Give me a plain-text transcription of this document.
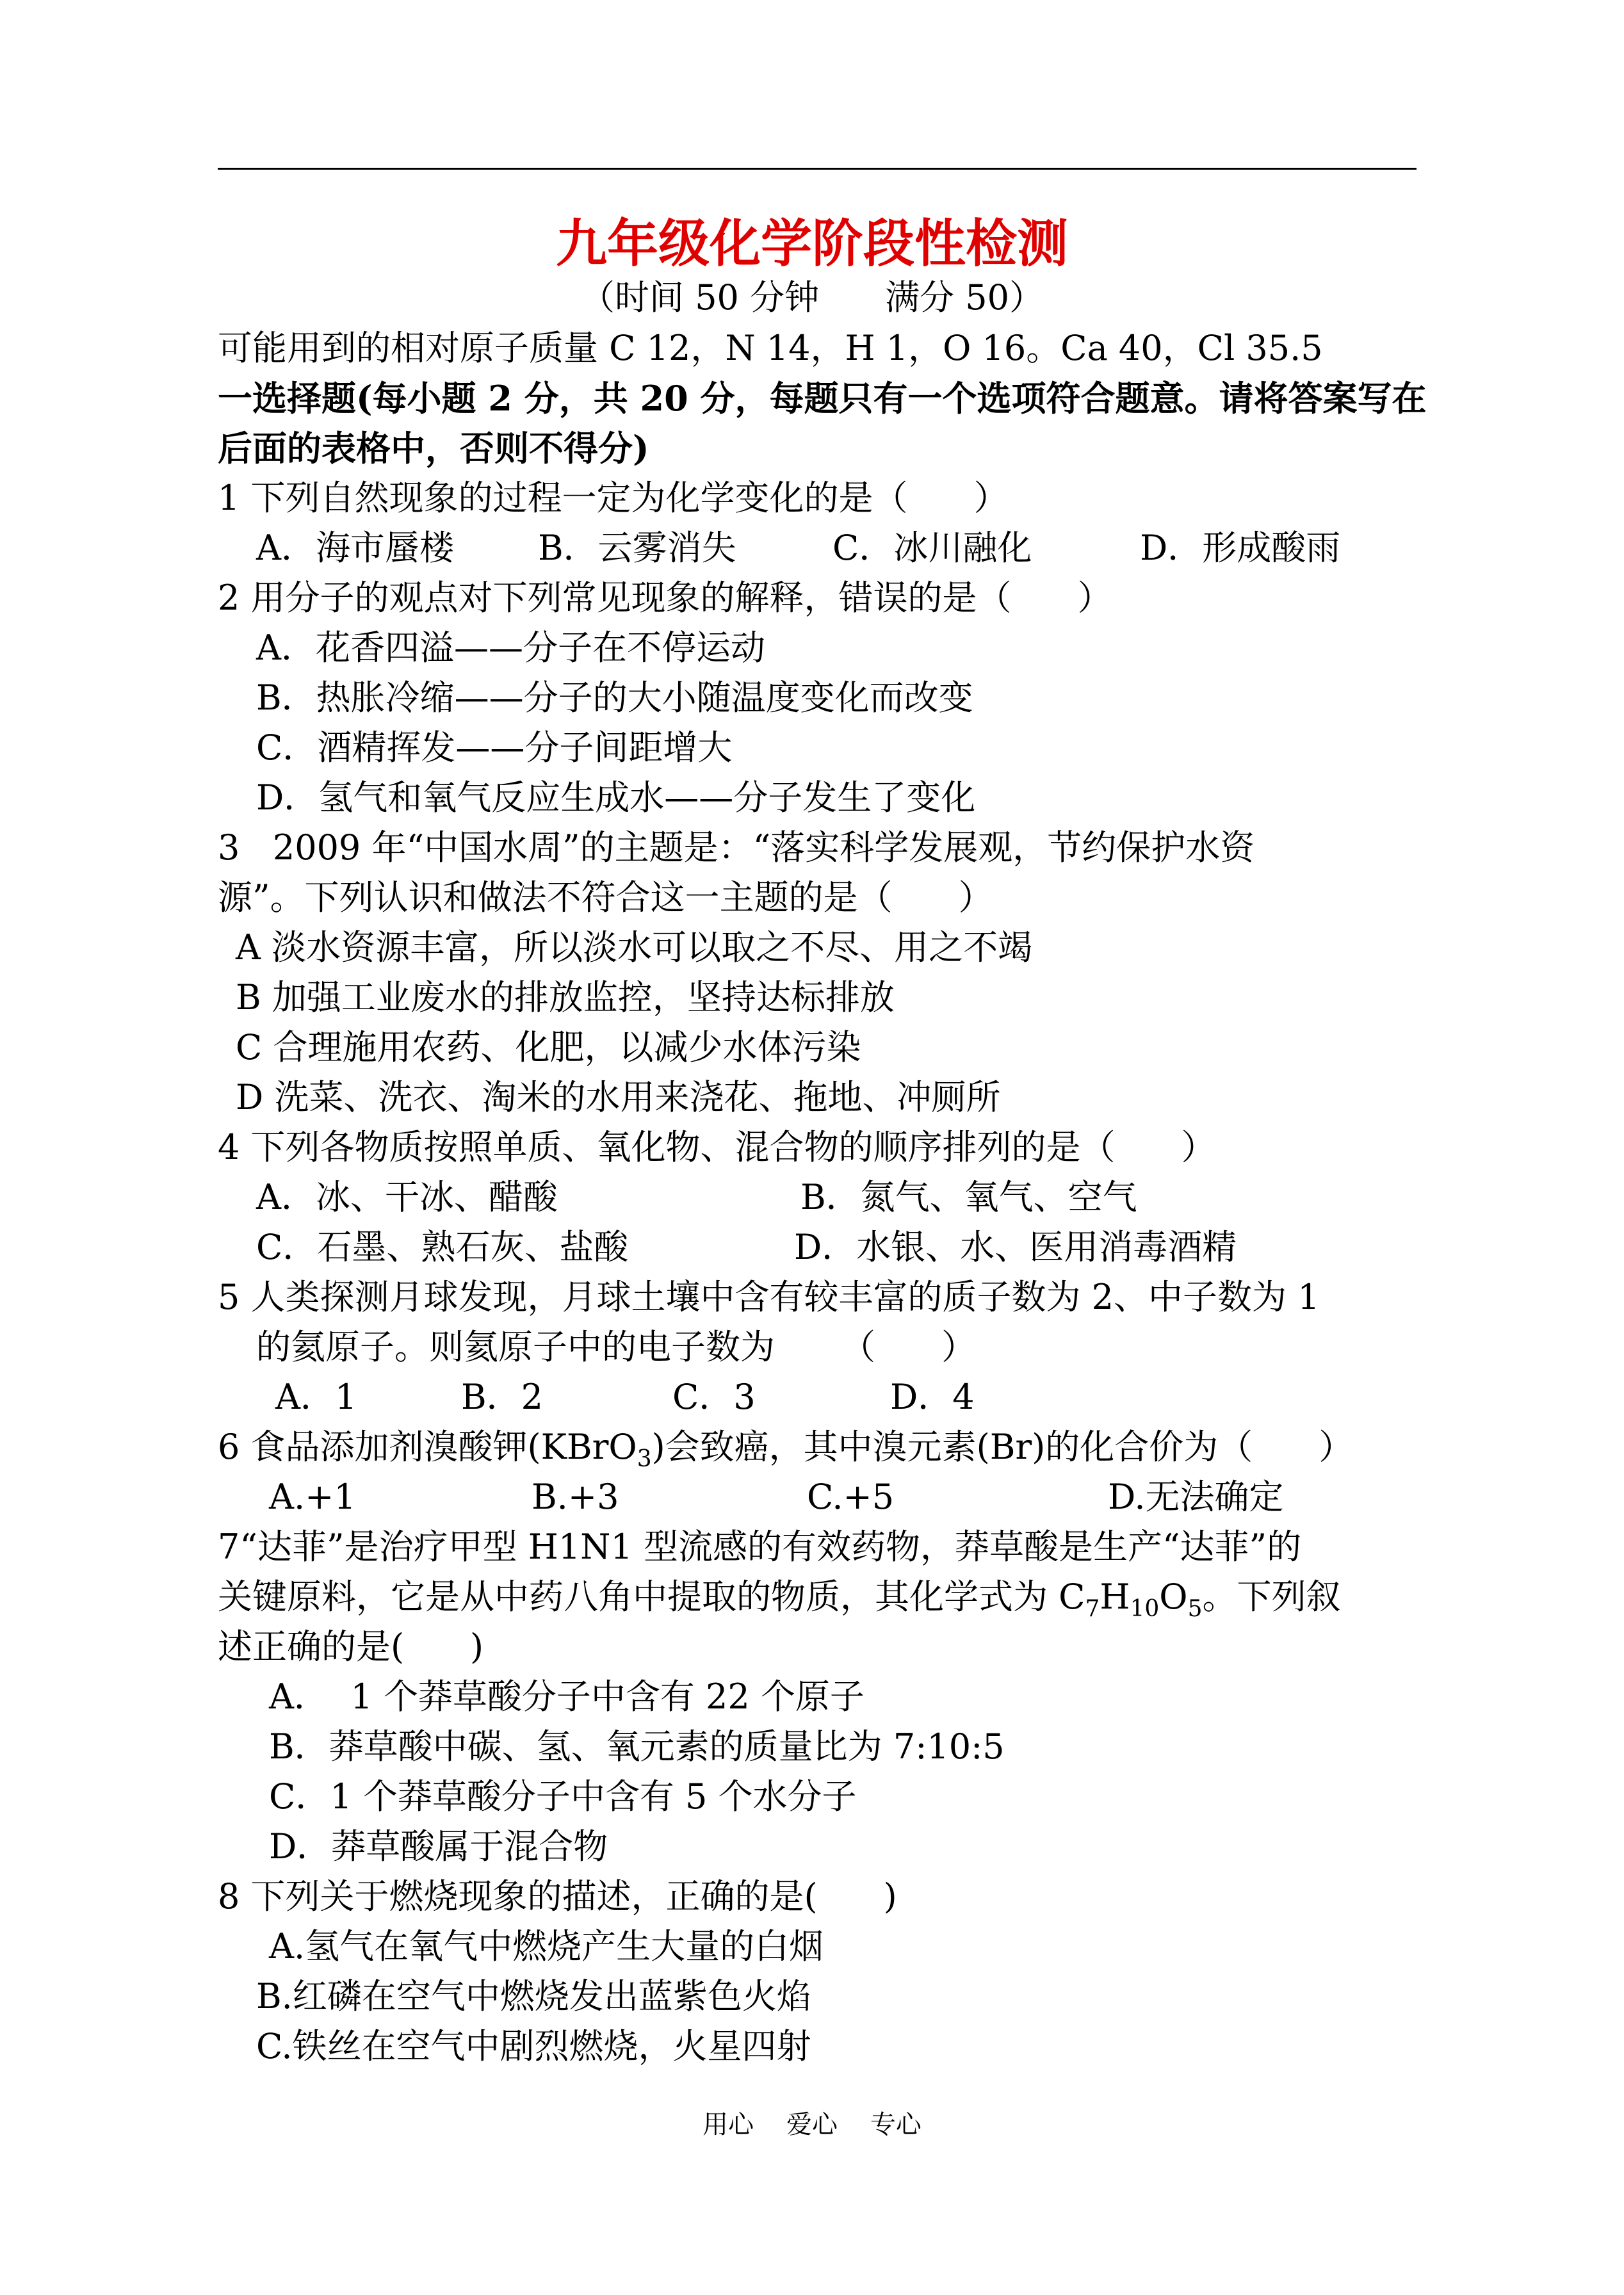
九年级化学阶段性检测
（时间 50 分钟      满分 50）
可能用到的相对原子质量 C 12，N 14，H 1，O 16。Ca 40，Cl 35.5
一选择题(每小题 2 分，共 20 分，每题只有一个选项符合题意。请将答案写在
后面的表格中，否则不得分)
1 下列自然现象的过程一定为化学变化的是（      ）
A．海市蜃楼 B．云雾消失	C．冰川融化	D．形成酸雨
2 用分子的观点对下列常见现象的解释，错误的是（      ）
A．花香四溢——分子在不停运动
B．热胀冷缩——分子的大小随温度变化而改变
C．酒精挥发——分子间距增大
D．氢气和氧气反应生成水——分子发生了变化
3   2009 年“中国水周”的主题是：“落实科学发展观，节约保护水资
源”。下列认识和做法不符合这一主题的是（      ）
A 淡水资源丰富，所以淡水可以取之不尽、用之不竭
B 加强工业废水的排放监控，坚持达标排放
C 合理施用农药、化肥，以减少水体污染
D 洗菜、洗衣、淘米的水用来浇花、拖地、冲厕所
4 下列各物质按照单质、氧化物、混合物的顺序排列的是（      ）
A．冰、干冰、醋酸	B．氮气、氧气、空气
C．石墨、熟石灰、盐酸	D．水银、水、医用消毒酒精
5 人类探测月球发现，月球土壤中含有较丰富的质子数为 2、中子数为 1
的氦原子。则氦原子中的电子数为      （      ）
A．1	B．2	C．3	D．4
6 食品添加剂溴酸钾(KBrO$_3$)会致癌，其中溴元素(Br)的化合价为（      ）
A.+1	B.+3	C.+5	D.无法确定
7“达菲”是治疗甲型 H1N1 型流感的有效药物，莽草酸是生产“达菲”的
关键原料，它是从中药八角中提取的物质，其化学式为 $C_7H_{10}O_5$。下列叙
述正确的是(      )
A．  1 个莽草酸分子中含有 22 个原子
B．莽草酸中碳、氢、氧元素的质量比为 7:10:5
C．1 个莽草酸分子中含有 5 个水分子
D．莽草酸属于混合物
8 下列关于燃烧现象的描述，正确的是(      )
A.氢气在氧气中燃烧产生大量的白烟
B.红磷在空气中燃烧发出蓝紫色火焰
C.铁丝在空气中剧烈燃烧，火星四射
用心    爱心    专心
